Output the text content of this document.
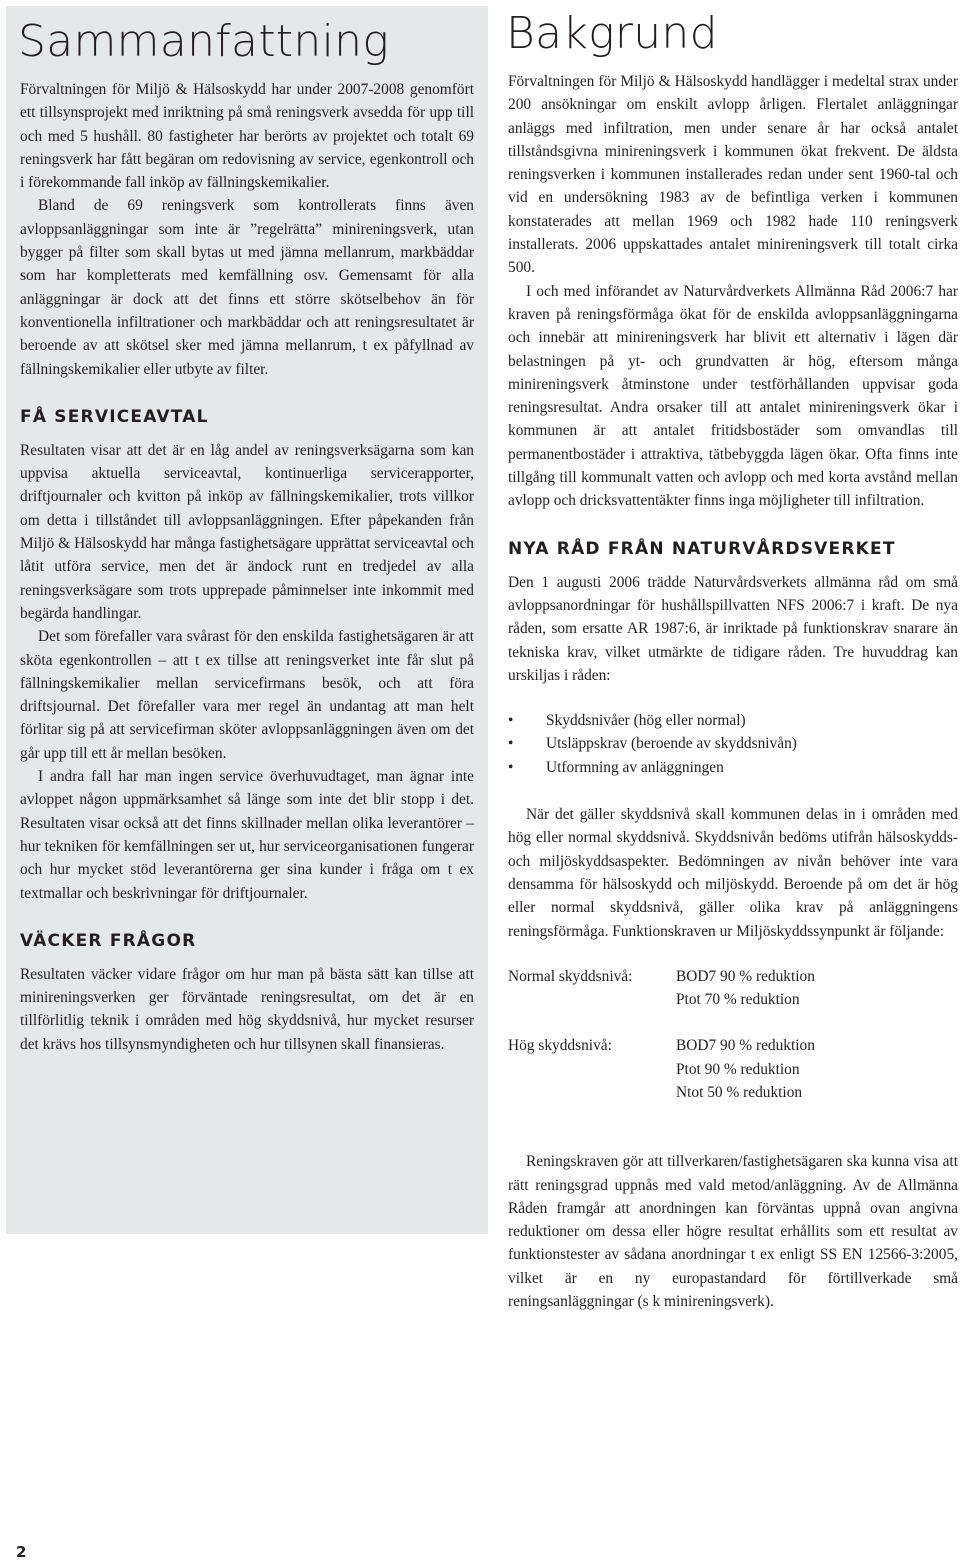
Sammanfattning

Förvaltningen för Miljö & Hälsoskydd har under 2007-2008 genomfört ett tillsynsprojekt med inriktning på små reningsverk avsedda för upp till och med 5 hushåll. 80 fastigheter har berörts av projektet och totalt 69 reningsverk har fått begäran om redovisning av service, egenkontroll och i förekommande fall inköp av fällningskemikalier.

Bland de 69 reningsverk som kontrollerats finns även avloppsanläggningar som inte är ”regelrätta” minireningsverk, utan bygger på filter som skall bytas ut med jämna mellanrum, markbäddar som har kompletterats med kemfällning osv. Gemensamt för alla anläggningar är dock att det finns ett större skötselbehov än för konventionella infiltrationer och markbäddar och att reningsresultatet är beroende av att skötsel sker med jämna mellanrum, t ex påfyllnad av fällningskemikalier eller utbyte av filter.

FÅ SERVICEAVTAL

Resultaten visar att det är en låg andel av reningsverksägarna som kan uppvisa aktuella serviceavtal, kontinuerliga servicerapporter, driftjournaler och kvitton på inköp av fällningskemikalier, trots villkor om detta i tillståndet till avloppsanläggningen. Efter påpekanden från Miljö & Hälsoskydd har många fastighetsägare upprättat serviceavtal och låtit utföra service, men det är ändock runt en tredjedel av alla reningsverksägare som trots upprepade påminnelser inte inkommit med begärda handlingar.

Det som förefaller vara svårast för den enskilda fastighetsägaren är att sköta egenkontrollen – att t ex tillse att reningsverket inte får slut på fällningskemikalier mellan servicefirmans besök, och att föra driftsjournal. Det förefaller vara mer regel än undantag att man helt förlitar sig på att servicefirman sköter avloppsanläggningen även om det går upp till ett år mellan besöken.

I andra fall har man ingen service överhuvudtaget, man ägnar inte avloppet någon uppmärksamhet så länge som inte det blir stopp i det. Resultaten visar också att det finns skillnader mellan olika leverantörer – hur tekniken för kemfällningen ser ut, hur serviceorganisationen fungerar och hur mycket stöd leverantörerna ger sina kunder i fråga om t ex textmallar och beskrivningar för driftjournaler.

VÄCKER FRÅGOR

Resultaten väcker vidare frågor om hur man på bästa sätt kan tillse att minireningsverken ger förväntade reningsresultat, om det är en tillförlitlig teknik i områden med hög skyddsnivå, hur mycket resurser det krävs hos tillsynsmyndigheten och hur tillsynen skall finansieras.

Bakgrund

Förvaltningen för Miljö & Hälsoskydd handlägger i medeltal strax under 200 ansökningar om enskilt avlopp årligen. Flertalet anläggningar anläggs med infiltration, men under senare år har också antalet tillståndsgivna minireningsverk i kommunen ökat frekvent. De äldsta reningsverken i kommunen installerades redan under sent 1960-tal och vid en undersökning 1983 av de befintliga verken i kommunen konstaterades att mellan 1969 och 1982 hade 110 reningsverk installerats. 2006 uppskattades antalet minireningsverk till totalt cirka 500.

I och med införandet av Naturvårdverkets Allmänna Råd 2006:7 har kraven på reningsförmåga ökat för de enskilda avloppsanläggningarna och innebär att minireningsverk har blivit ett alternativ i lägen där belastningen på yt- och grundvatten är hög, eftersom många minireningsverk åtminstone under testförhållanden uppvisar goda reningsresultat. Andra orsaker till att antalet minireningsverk ökar i kommunen är att antalet fritidsbostäder som omvandlas till permanentbostäder i attraktiva, tätbebyggda lägen ökar. Ofta finns inte tillgång till kommunalt vatten och avlopp och med korta avstånd mellan avlopp och dricksvattentäkter finns inga möjligheter till infiltration.

NYA RÅD FRÅN NATURVÅRDSVERKET

Den 1 augusti 2006 trädde Naturvårdsverkets allmänna råd om små avloppsanordningar för hushållspillvatten NFS 2006:7 i kraft. De nya råden, som ersatte AR 1987:6, är inriktade på funktionskrav snarare än tekniska krav, vilket utmärkte de tidigare råden. Tre huvuddrag kan urskiljas i råden:

• Skyddsnivåer (hög eller normal)
• Utsläppskrav (beroende av skyddsnivån)
• Utformning av anläggningen

När det gäller skyddsnivå skall kommunen delas in i områden med hög eller normal skyddsnivå. Skyddsnivån bedöms utifrån hälsoskydds- och miljöskyddsaspekter. Bedömningen av nivån behöver inte vara densamma för hälsoskydd och miljöskydd. Beroende på om det är hög eller normal skyddsnivå, gäller olika krav på anläggningens reningsförmåga. Funktionskraven ur Miljöskyddssynpunkt är följande:

Normal skyddsnivå:	BOD7 90 % reduktion
Ptot 70 % reduktion
Hög skyddsnivå:	BOD7 90 % reduktion
Ptot 90 % reduktion
Ntot 50 % reduktion

Reningskraven gör att tillverkaren/fastighetsägaren ska kunna visa att rätt reningsgrad uppnås med vald metod/anläggning. Av de Allmänna Råden framgår att anordningen kan förväntas uppnå ovan angivna reduktioner om dessa eller högre resultat erhållits som ett resultat av funktionstester av sådana anordningar t ex enligt SS EN 12566-3:2005, vilket är en ny europastandard för förtillverkade små reningsanläggningar (s k minireningsverk).

2
